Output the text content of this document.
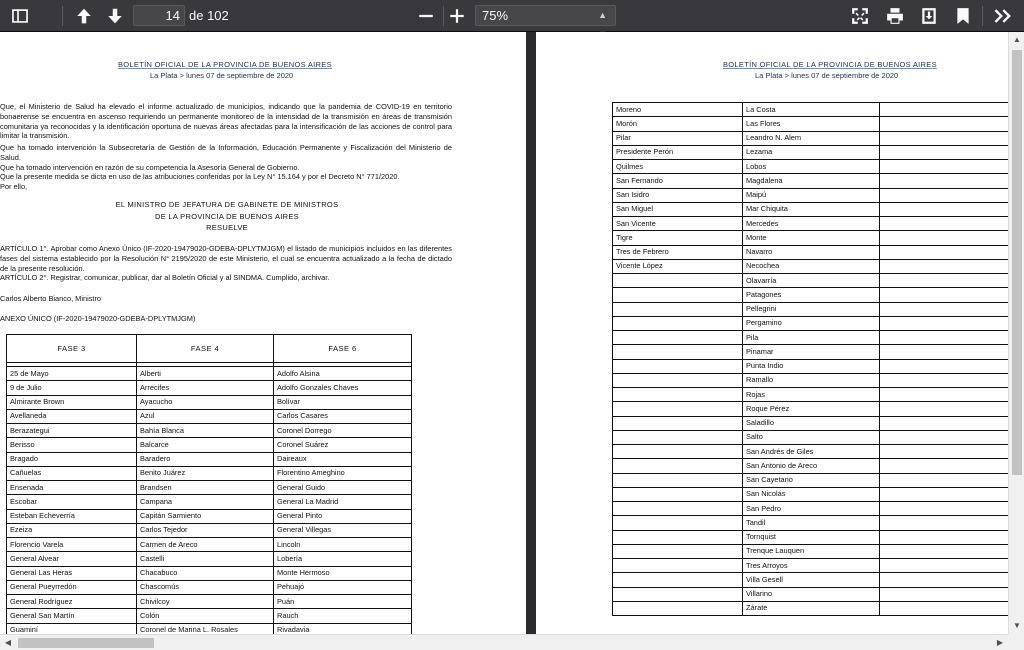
14
de 102	75%	▲

BOLETÍN OFICIAL DE LA PROVINCIA DE BUENOS AIRES
La Plata > lunes 07 de septiembre de 2020
Que, el Ministerio de Salud ha elevado el informe actualizado de municipios, indicando que la pandemia de COVID-19 en territorio bonaerense se encuentra en ascenso requiriendo un permanente monitoreo de la intensidad de la transmisión en áreas de transmisión comunitaria ya reconocidas y la identificación oportuna de nuevas áreas afectadas para la intensificación de las acciones de control para limitar la transmisión.
Que ha tomado intervención la Subsecretaría de Gestión de la Información, Educación Permanente y Fiscalización del Ministerio de Salud.
Que ha tomado intervención en razón de su competencia la Asesoría General de Gobierno.
Que la presente medida se dicta en uso de las atribuciones conferidas por la Ley N° 15.164 y por el Decreto N° 771/2020.
Por ello,
EL MINISTRO DE JEFATURA DE GABINETE DE MINISTROS
DE LA PROVINCIA DE BUENOS AIRES
RESUELVE
ARTÍCULO 1°. Aprobar como Anexo Único (IF-2020-19479020-GDEBA-DPLYTMJGM) el listado de municipios incluidos en las diferentes fases del sistema establecido por la Resolución N° 2195/2020 de este Ministerio, el cual se encuentra actualizado a la fecha de dictado de la presente resolución.
ARTÍCULO 2°. Registrar, comunicar, publicar, dar al Boletín Oficial y al SINDMA. Cumplido, archivar.
Carlos Alberto Bianco, Ministro
ANEXO ÚNICO (IF-2020-19479020-GDEBA-DPLYTMJGM)
FASE 3	FASE 4	FASE 6

25 de Mayo	Alberti	Adolfo Alsina
9 de Julio	Arrecifes	Adolfo Gonzales Chaves
Almirante Brown	Ayacucho	Bolívar
Avellaneda	Azul	Carlos Casares
Berazategui	Bahía Blanca	Coronel Dorrego
Berisso	Balcarce	Coronel Suárez
Bragado	Baradero	Daireaux
Cañuelas	Benito Juárez	Florentino Ameghino
Ensenada	Brandsen	General Guido
Escobar	Campana	General La Madrid
Esteban Echeverría	Capitán Sarmiento	General Pinto
Ezeiza	Carlos Tejedor	General Villegas
Florencio Varela	Carmen de Areco	Lincoln
General Alvear	Castelli	Lobería
General Las Heras	Chacabuco	Monte Hermoso
General Pueyrredón	Chascomús	Pehuajó
General Rodríguez	Chivilcoy	Puán
General San Martín	Colón	Rauch
Guaminí	Coronel de Marina L. Rosales	Rivadavia
BOLETÍN OFICIAL DE LA PROVINCIA DE BUENOS AIRES
La Plata > lunes 07 de septiembre de 2020
Moreno	La Costa	
Morón	Las Flores	
Pilar	Leandro N. Alem	
Presidente Perón	Lezama	
Quilmes	Lobos	
San Fernando	Magdalena	
San Isidro	Maipú	
San Miguel	Mar Chiquita	
San Vicente	Mercedes	
Tigre	Monte	
Tres de Febrero	Navarro	
Vicente López	Necochea	
	Olavarría	
	Patagones	
	Pellegrini	
	Pergamino	
	Pila	
	Pinamar	
	Punta Indio	
	Ramallo	
	Rojas	
	Roque Pérez	
	Saladillo	
	Salto	
	San Andrés de Giles	
	San Antonio de Areco	
	San Cayetano	
	San Nicolás	
	San Pedro	
	Tandil	
	Tornquist	
	Trenque Lauquen	
	Tres Arroyos	
	Villa Gesell	
	Villarino	
	Zárate	
▲
▼
◀	▶
